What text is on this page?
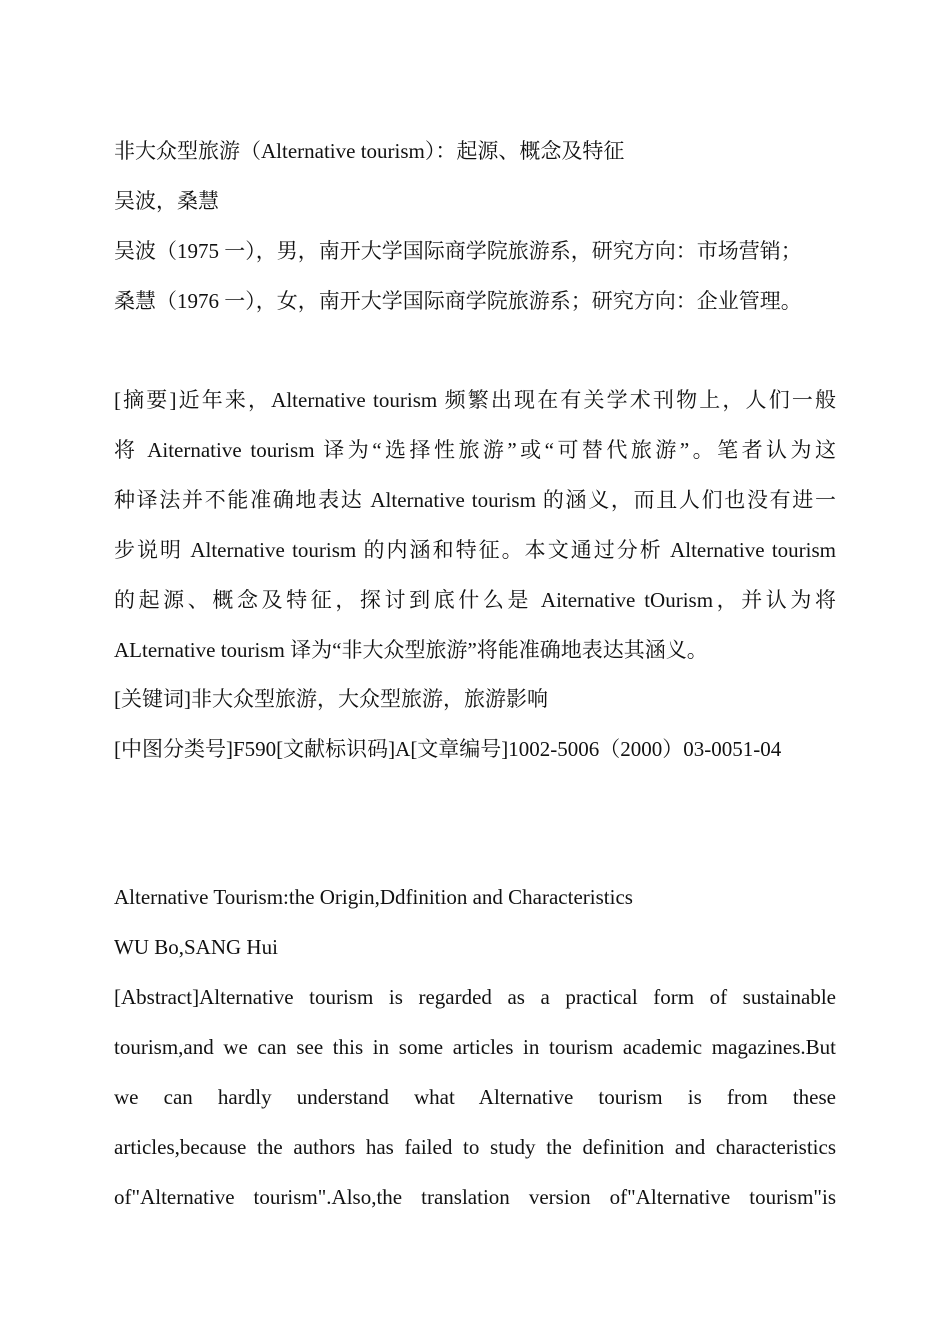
非大众型旅游（Alternative tourism）：起源、概念及特征
吴波，桑慧
吴波（1975 一），男，南开大学国际商学院旅游系，研究方向：市场营销；
桑慧（1976 一），女，南开大学国际商学院旅游系；研究方向：企业管理。
[摘要]近年来，Alternative tourism 频繁出现在有关学术刊物上，人们一般
将 Aiternative tourism 译为“选择性旅游”或“可替代旅游”。笔者认为这
种译法并不能准确地表达 Alternative tourism 的涵义，而且人们也没有进一
步说明 Alternative tourism 的内涵和特征。本文通过分析 Alternative tourism
的起源、概念及特征，探讨到底什么是 Aiternative tOurism，并认为将
ALternative tourism 译为“非大众型旅游”将能准确地表达其涵义。
[关键词]非大众型旅游，大众型旅游，旅游影响
[中图分类号]F590[文献标识码]A[文章编号]1002-5006（2000）03-0051-04
Alternative Tourism:the Origin,Ddfinition and Characteristics
WU Bo,SANG Hui
[Abstract]Alternative tourism is regarded as a practical form of sustainable
tourism,and we can see this in some articles in tourism academic magazines.But
we can hardly understand what Alternative tourism is from these
articles,because the authors has failed to study the definition and characteristics
of"Alternative tourism".Also,the translation version of"Alternative tourism"is
